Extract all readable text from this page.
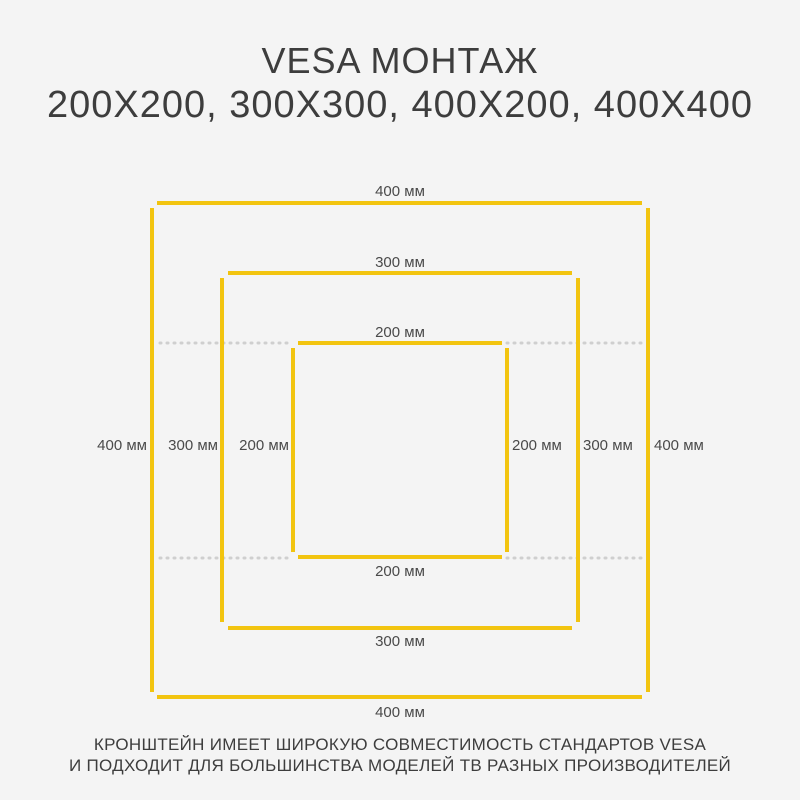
VESA МОНТАЖ
200X200, 300X300, 400X200, 400X400
400 мм
400 мм
400 мм	400 мм
300 мм
300 мм
300 мм	300 мм
200 мм
200 мм
200 мм	200 мм
КРОНШТЕЙН ИМЕЕТ ШИРОКУЮ СОВМЕСТИМОСТЬ СТАНДАРТОВ VESA
И ПОДХОДИТ ДЛЯ БОЛЬШИНСТВА МОДЕЛЕЙ ТВ РАЗНЫХ ПРОИЗВОДИТЕЛЕЙ
